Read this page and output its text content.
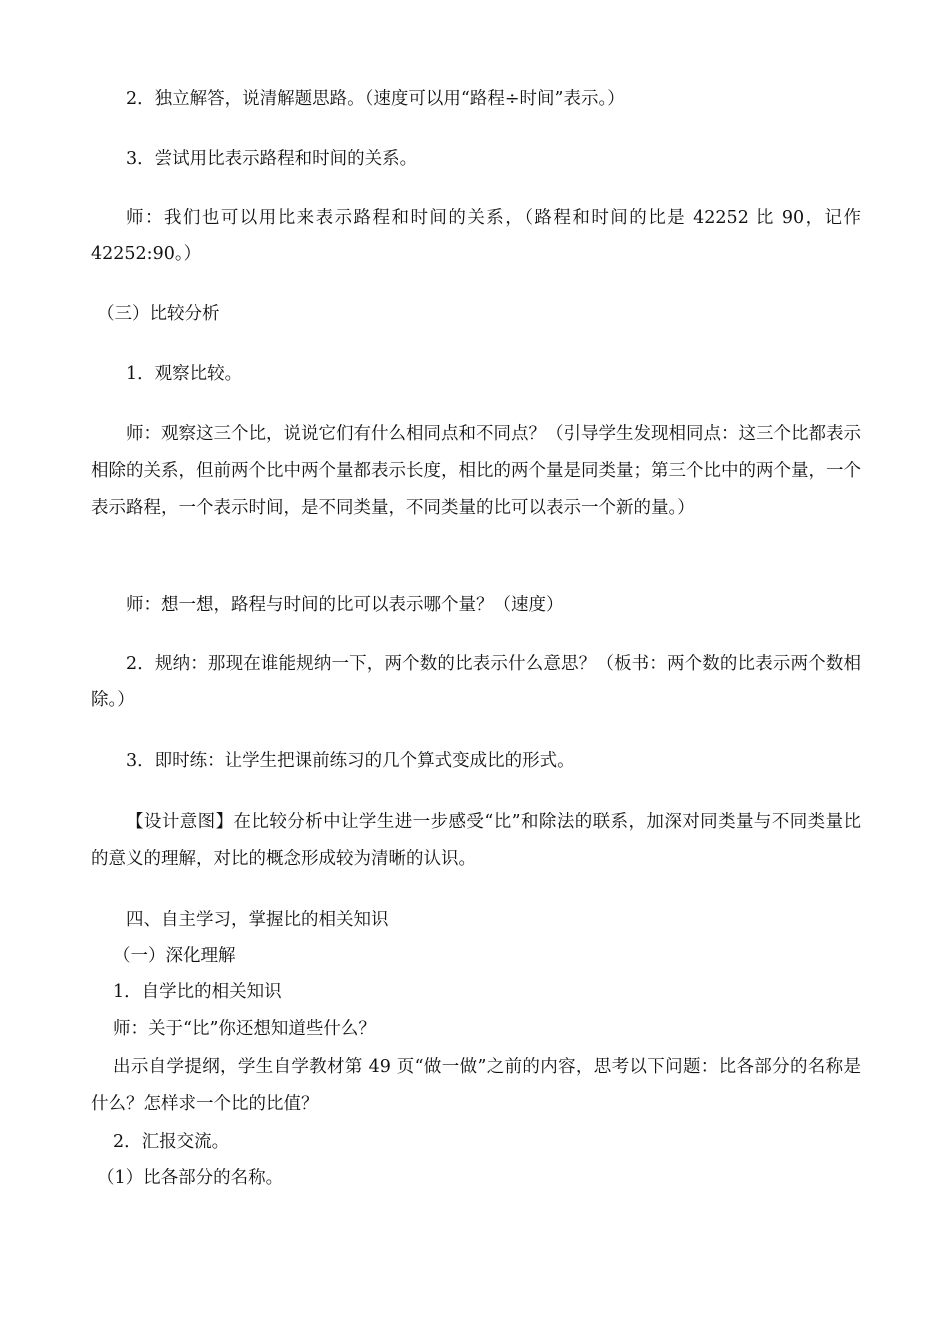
2．独立解答，说清解题思路。（速度可以用“路程÷时间”表示。）

3．尝试用比表示路程和时间的关系。

师：我们也可以用比来表示路程和时间的关系，（路程和时间的比是 42252 比 90，记作 42252:90。）

（三）比较分析

1．观察比较。

师：观察这三个比，说说它们有什么相同点和不同点？（引导学生发现相同点：这三个比都表示相除的关系，但前两个比中两个量都表示长度，相比的两个量是同类量；第三个比中的两个量，一个表示路程，一个表示时间，是不同类量，不同类量的比可以表示一个新的量。）

师：想一想，路程与时间的比可以表示哪个量？（速度）

2．规纳：那现在谁能规纳一下，两个数的比表示什么意思？（板书：两个数的比表示两个数相除。）

3．即时练：让学生把课前练习的几个算式变成比的形式。

【设计意图】在比较分析中让学生进一步感受“比”和除法的联系，加深对同类量与不同类量比的意义的理解，对比的概念形成较为清晰的认识。

四、自主学习，掌握比的相关知识

（一）深化理解

1．自学比的相关知识

师：关于“比”你还想知道些什么？

出示自学提纲，学生自学教材第 49 页“做一做”之前的内容，思考以下问题：比各部分的名称是什么？怎样求一个比的比值？

2．汇报交流。

（1）比各部分的名称。
